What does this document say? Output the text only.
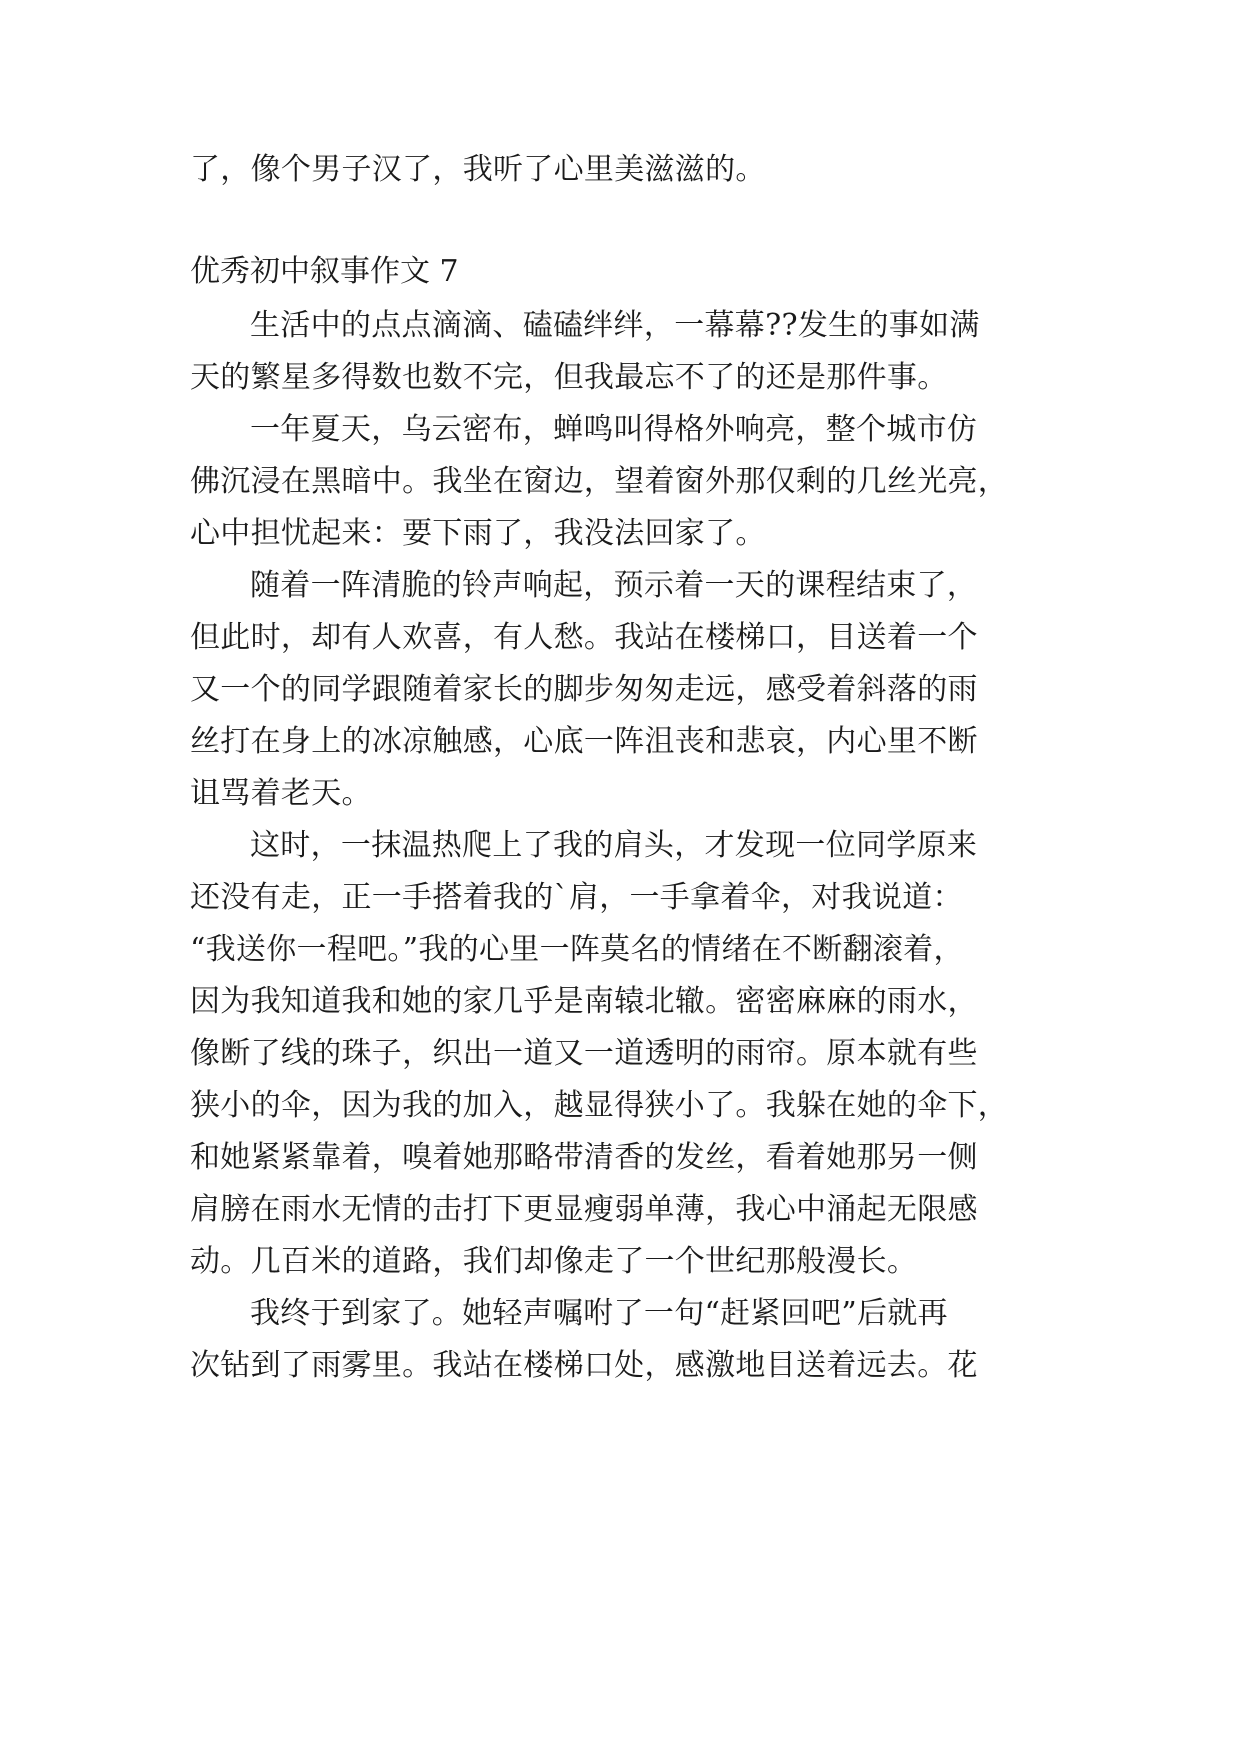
了，像个男子汉了，我听了心里美滋滋的。
优秀初中叙事作文 7
生活中的点点滴滴、磕磕绊绊，一幕幕??发生的事如满
天的繁星多得数也数不完，但我最忘不了的还是那件事。
一年夏天，乌云密布，蝉鸣叫得格外响亮，整个城市仿
佛沉浸在黑暗中。我坐在窗边，望着窗外那仅剩的几丝光亮，
心中担忧起来：要下雨了，我没法回家了。
随着一阵清脆的铃声响起，预示着一天的课程结束了，
但此时，却有人欢喜，有人愁。我站在楼梯口，目送着一个
又一个的同学跟随着家长的脚步匆匆走远，感受着斜落的雨
丝打在身上的冰凉触感，心底一阵沮丧和悲哀，内心里不断
诅骂着老天。
这时，一抹温热爬上了我的肩头，才发现一位同学原来
还没有走，正一手搭着我的`肩，一手拿着伞，对我说道：
“我送你一程吧。”我的心里一阵莫名的情绪在不断翻滚着，
因为我知道我和她的家几乎是南辕北辙。密密麻麻的雨水，
像断了线的珠子，织出一道又一道透明的雨帘。原本就有些
狭小的伞，因为我的加入，越显得狭小了。我躲在她的伞下，
和她紧紧靠着，嗅着她那略带清香的发丝，看着她那另一侧
肩膀在雨水无情的击打下更显瘦弱单薄，我心中涌起无限感
动。几百米的道路，我们却像走了一个世纪那般漫长。
我终于到家了。她轻声嘱咐了一句“赶紧回吧”后就再
次钻到了雨雾里。我站在楼梯口处，感激地目送着远去。花
